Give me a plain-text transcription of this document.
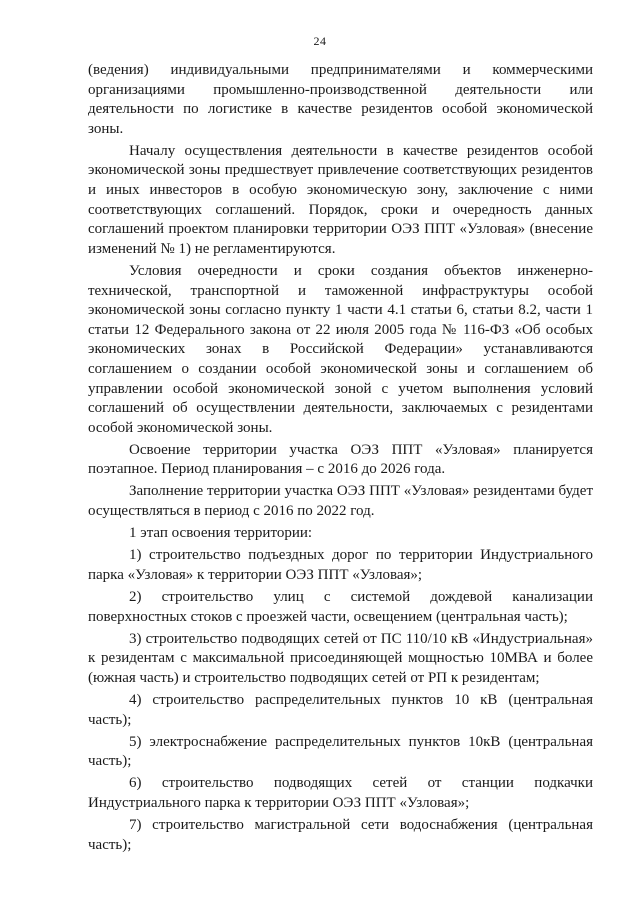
24

(ведения) индивидуальными предпринимателями и коммерческими организациями промышленно-производственной деятельности или деятельности по логистике в качестве резидентов особой экономической зоны.

Началу осуществления деятельности в качестве резидентов особой экономической зоны предшествует привлечение соответствующих резидентов и иных инвесторов в особую экономическую зону, заключение с ними соответствующих соглашений. Порядок, сроки и очередность данных соглашений проектом планировки территории ОЭЗ ППТ «Узловая» (внесение изменений № 1) не регламентируются.

Условия очередности и сроки создания объектов инженерно-технической, транспортной и таможенной инфраструктуры особой экономической зоны согласно пункту 1 части 4.1 статьи 6, статьи 8.2, части 1 статьи 12 Федерального закона от 22 июля 2005 года № 116-ФЗ «Об особых экономических зонах в Российской Федерации» устанавливаются соглашением о создании особой экономической зоны и соглашением об управлении особой экономической зоной с учетом выполнения условий соглашений об осуществлении деятельности, заключаемых с резидентами особой экономической зоны.

Освоение территории участка ОЭЗ ППТ «Узловая» планируется поэтапное. Период планирования – с 2016 до 2026 года.

Заполнение территории участка ОЭЗ ППТ «Узловая» резидентами будет осуществляться в период с 2016 по 2022 год.

1 этап освоения территории:

1) строительство подъездных дорог по территории Индустриального парка «Узловая» к территории ОЭЗ ППТ «Узловая»;

2) строительство улиц с системой дождевой канализации поверхностных стоков с проезжей части, освещением (центральная часть);

3) строительство подводящих сетей от ПС 110/10 кВ «Индустриальная» к резидентам с максимальной присоединяющей мощностью 10МВА и более (южная часть) и строительство подводящих сетей от РП к резидентам;

4) строительство распределительных пунктов 10 кВ (центральная часть);

5) электроснабжение распределительных пунктов 10кВ (центральная часть);

6) строительство подводящих сетей от станции подкачки Индустриального парка к территории ОЭЗ ППТ «Узловая»;

7) строительство магистральной сети водоснабжения (центральная часть);
